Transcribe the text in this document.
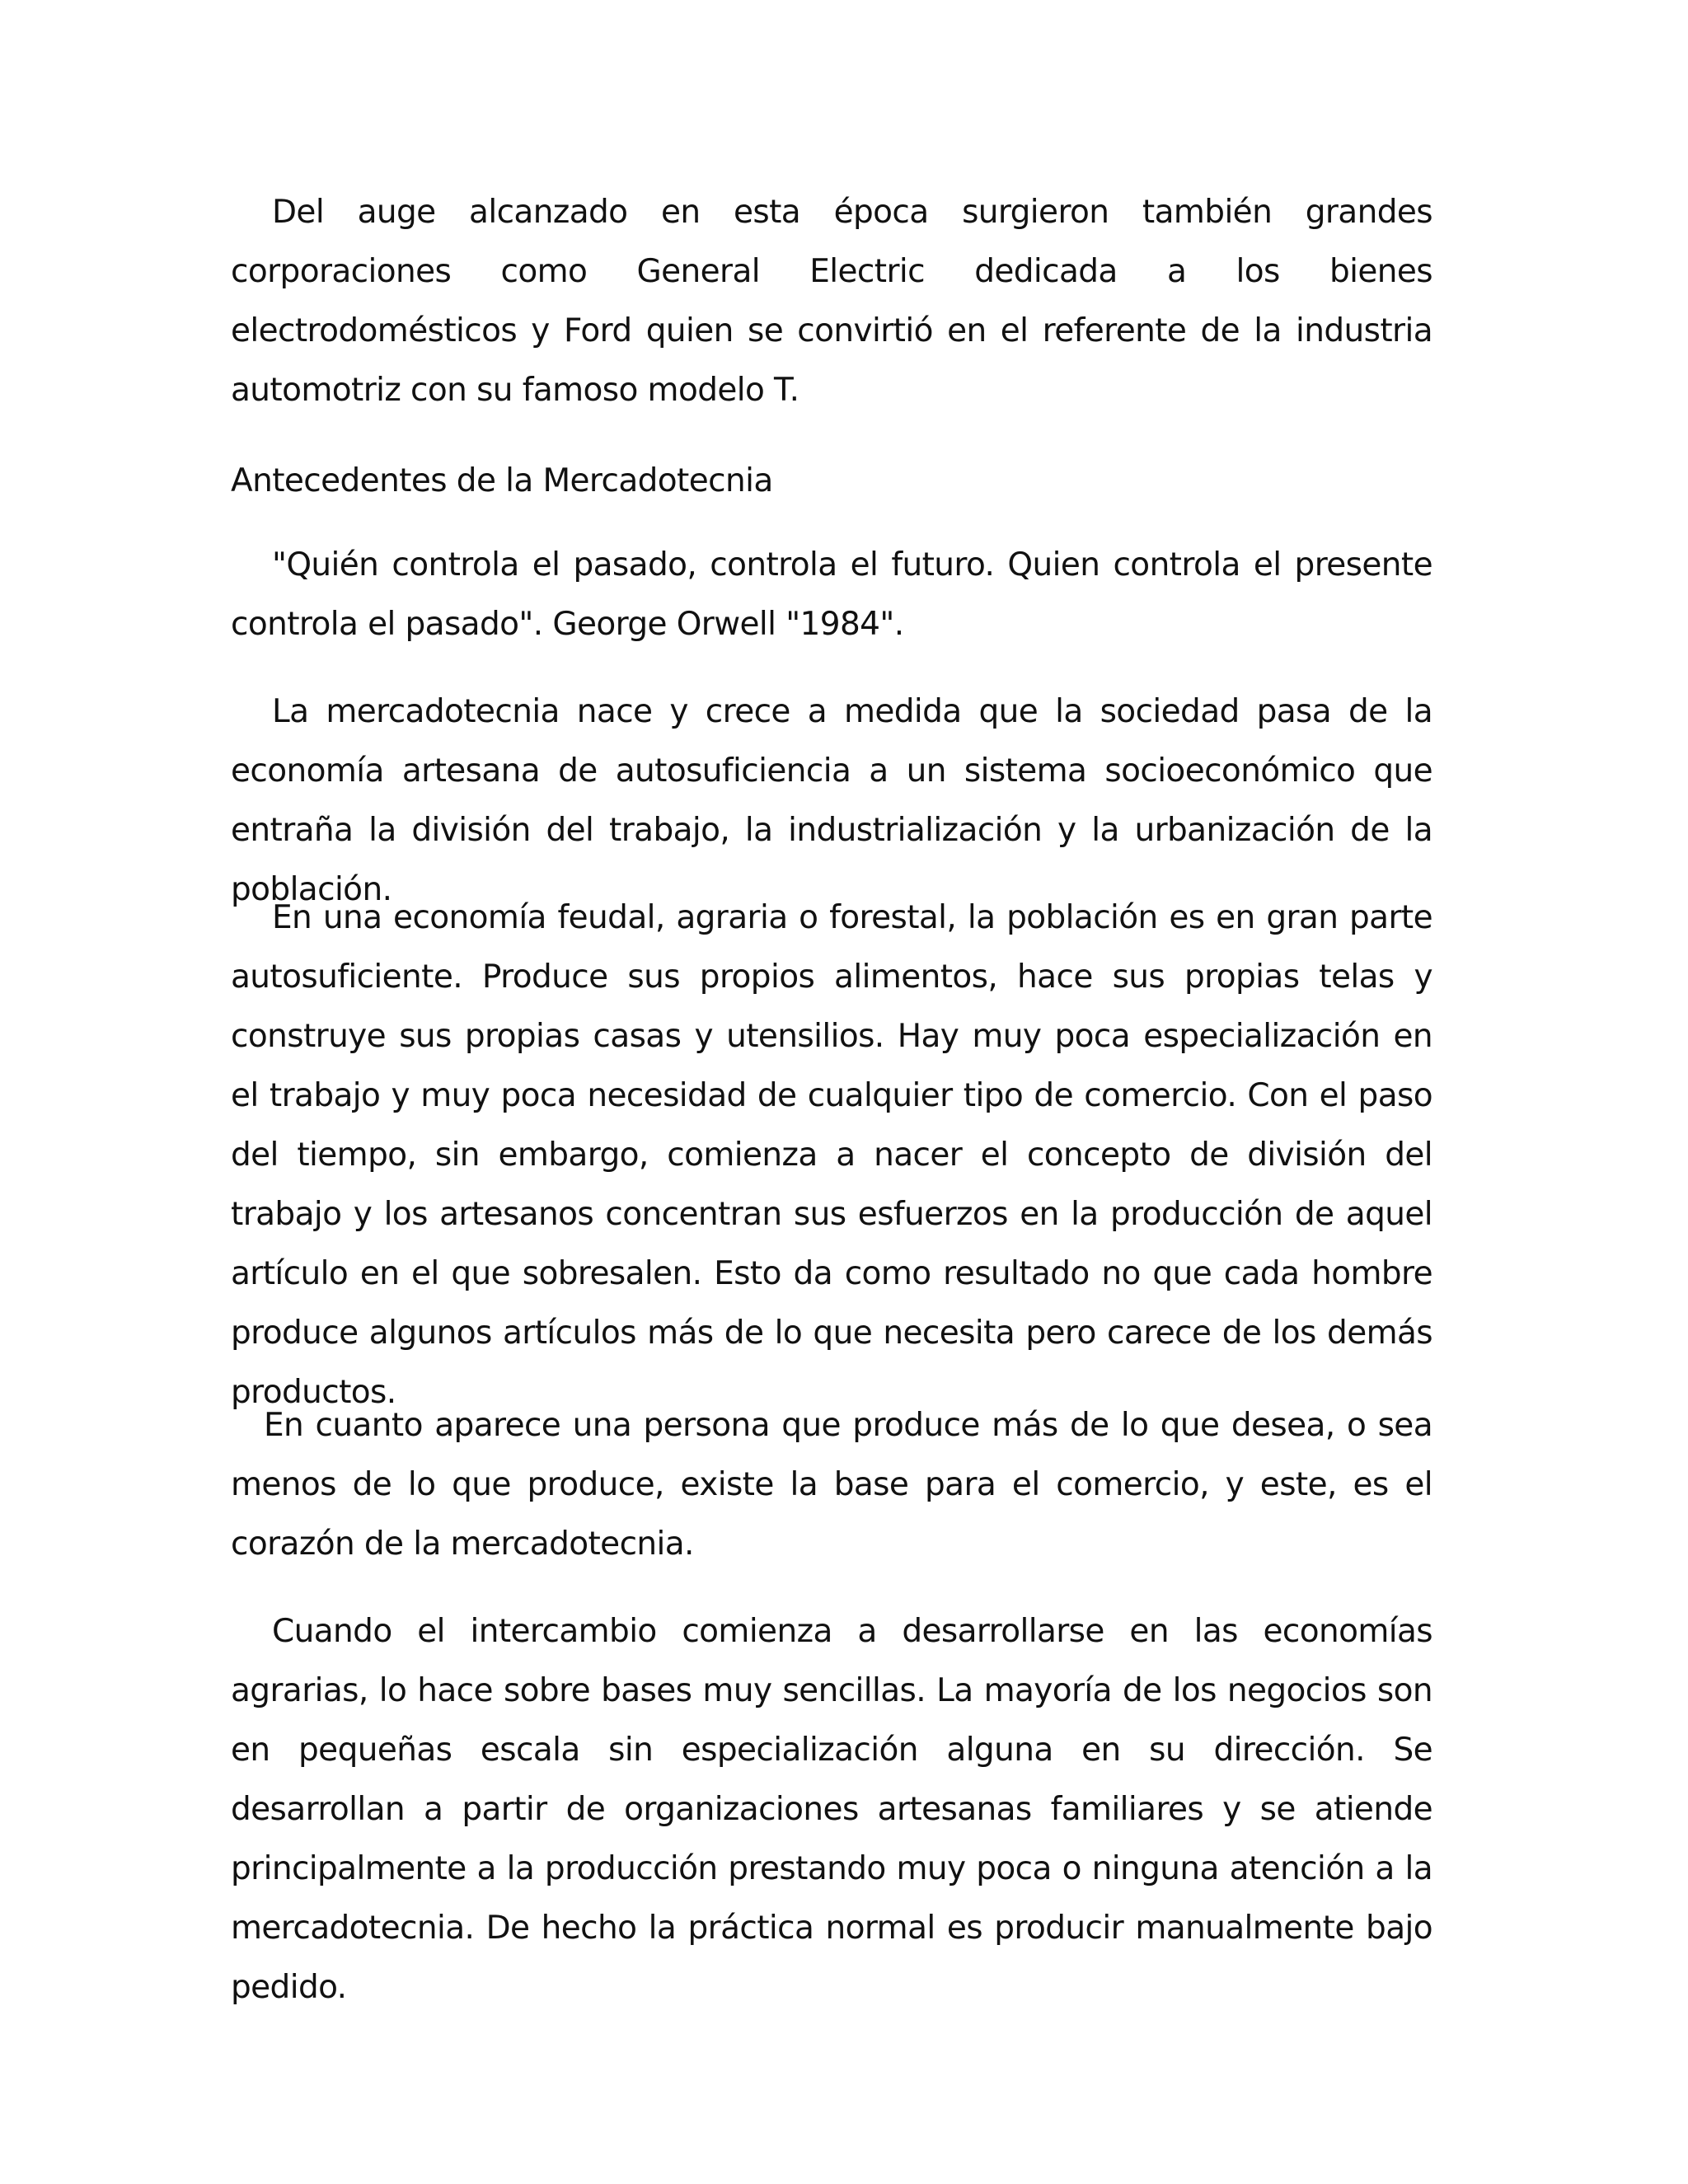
Del auge alcanzado en esta época surgieron también grandes corporaciones como General Electric dedicada a los bienes electrodomésticos y Ford quien se convirtió en el referente de la industria automotriz con su famoso modelo T.

Antecedentes de la Mercadotecnia

"Quién controla el pasado, controla el futuro. Quien controla el presente controla el pasado". George Orwell "1984".

La mercadotecnia nace y crece a medida que la sociedad pasa de la economía artesana de autosuficiencia a un sistema socioeconómico que entraña la división del trabajo, la industrialización y la urbanización de la población.

En una economía feudal, agraria o forestal, la población es en gran parte autosuficiente. Produce sus propios alimentos, hace sus propias telas y construye sus propias casas y utensilios. Hay muy poca especialización en el trabajo y muy poca necesidad de cualquier tipo de comercio. Con el paso del tiempo, sin embargo, comienza a nacer el concepto de división del trabajo y los artesanos concentran sus esfuerzos en la producción de aquel artículo en el que sobresalen. Esto da como resultado no que cada hombre produce algunos artículos más de lo que necesita pero carece de los demás productos.

En cuanto aparece una persona que produce más de lo que desea, o sea menos de lo que produce, existe la base para el comercio, y este, es el corazón de la mercadotecnia.

Cuando el intercambio comienza a desarrollarse en las economías agrarias, lo hace sobre bases muy sencillas. La mayoría de los negocios son en pequeñas escala sin especialización alguna en su dirección. Se desarrollan a partir de organizaciones artesanas familiares y se atiende principalmente a la producción prestando muy poca o ninguna atención a la mercadotecnia. De hecho la práctica normal es producir manualmente bajo pedido.
